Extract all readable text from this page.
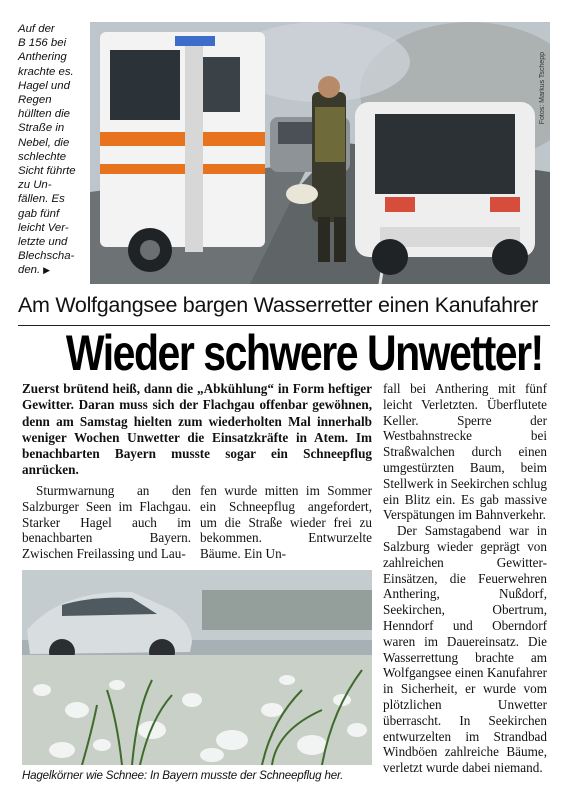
Auf der
B 156 bei
Anthering
krachte es.
Hagel und
Regen
hüllten die
Straße in
Nebel, die
schlechte
Sicht führte
zu Un-
fällen. Es
gab fünf
leicht Ver-
letzte und
Blechscha-
den. ▶
Fotos: Markus Tschepp
Am Wolfgangsee bargen Wasserretter einen Kanufahrer
Wieder schwere Unwetter!
Zuerst brütend heiß, dann die „Abkühlung“ in Form heftiger Gewitter. Daran muss sich der Flachgau offenbar gewöhnen, denn am Samstag hielten zum wiederholten Mal innerhalb weniger Wochen Unwetter die Einsatzkräfte in Atem. Im benachbarten Bayern musste sogar ein Schneepflug anrücken.

Sturmwarnung an den Salzburger Seen im Flachgau. Starker Hagel auch im benachbarten Bayern. Zwischen Freilassing und Lau-

fen wurde mitten im Sommer ein Schneepflug angefordert, um die Straße wieder frei zu bekommen. Entwurzelte Bäume. Ein Un-

fall bei Anthering mit fünf leicht Verletzten. Überflutete Keller. Sperre der Westbahnstrecke bei Straßwalchen durch einen umgestürzten Baum, beim Stellwerk in Seekirchen schlug ein Blitz ein. Es gab massive Verspätungen im Bahnverkehr.

Der Samstagabend war in Salzburg wieder geprägt von zahlreichen Gewitter-Einsätzen, die Feuerwehren Anthering, Nußdorf, Seekirchen, Obertrum, Henndorf und Oberndorf waren im Dauereinsatz. Die Wasserrettung brachte am Wolfgangsee einen Kanufahrer in Sicherheit, er wurde vom plötzlichen Unwetter überrascht. In Seekirchen entwurzelten im Strandbad Windböen zahlreiche Bäume, verletzt wurde dabei niemand.

Hagelkörner wie Schnee: In Bayern musste der Schneepflug her.
